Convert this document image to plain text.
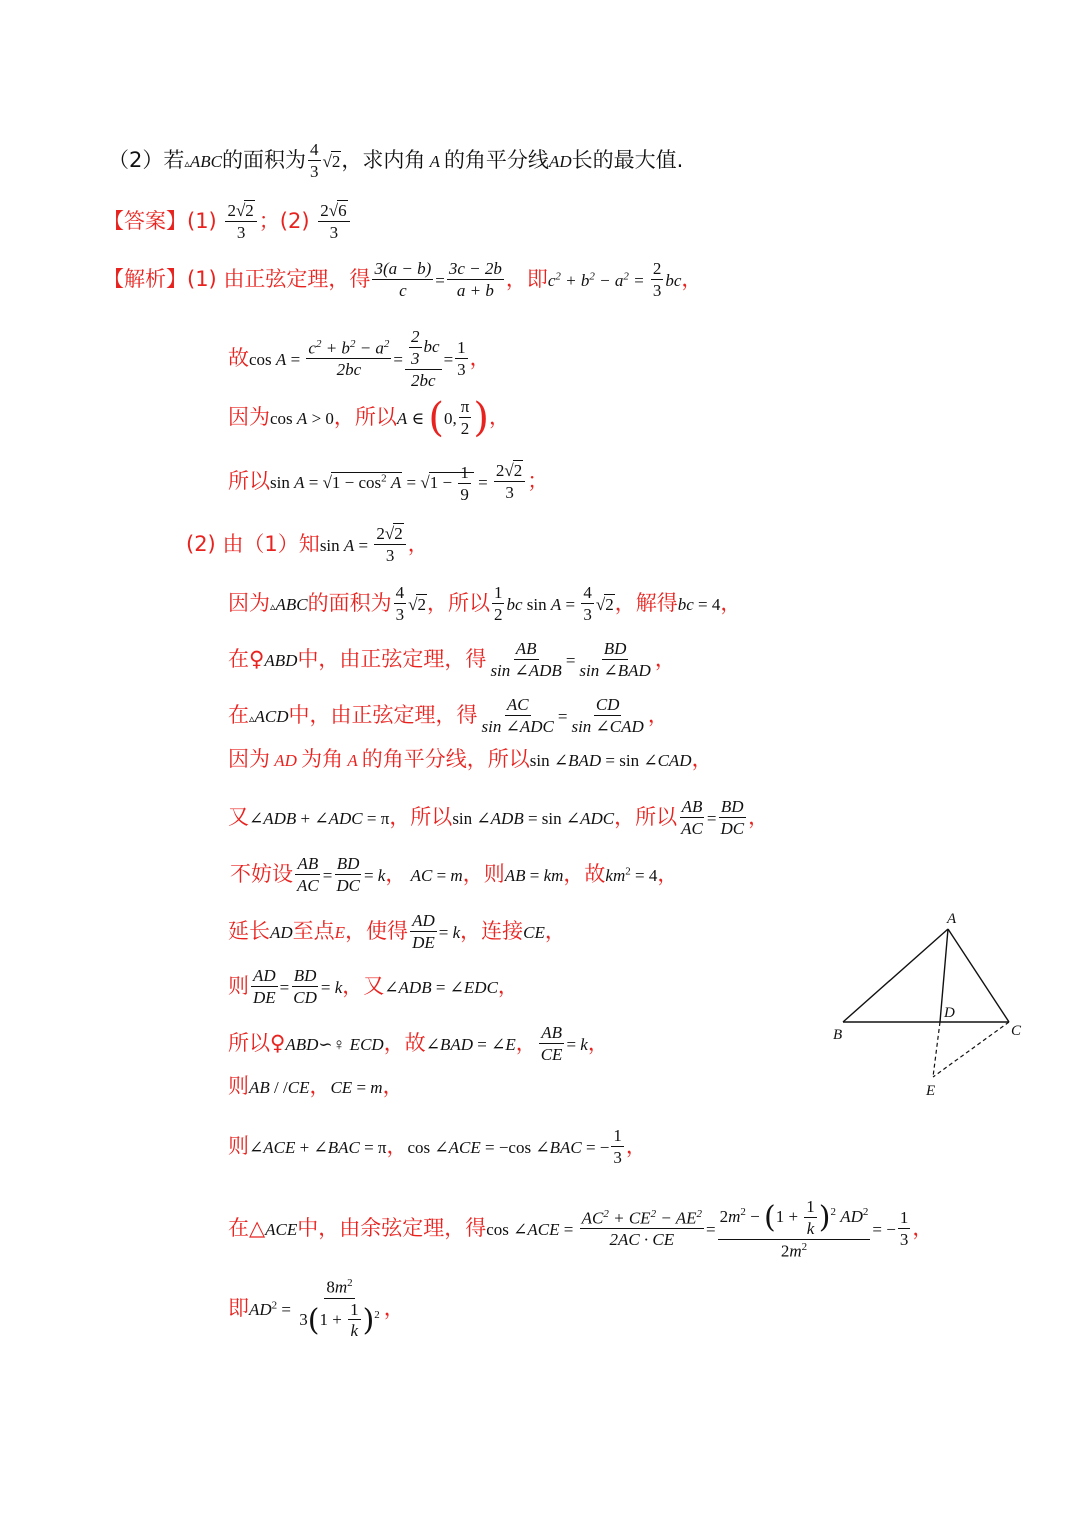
（2）若▵ABC的面积为 $\frac{4}{3} √2$，求内角 A 的角平分线AD长的最大值.
【答案】$(1) \frac{2√2}{3}$ ；$(2) \frac{2√6}{3}$
【解析】(1) 由正弦定理，得 $\frac{3(a - b)}{c} = \frac{3c - 2b}{a + b}$ ，即$c^2 + b^2 - a^2 = \frac{2}{3}$ bc，
故$\cos A = \frac{c^2 + b^2 - a^2}{2bc} = \frac{\frac{2}{3} bc}{2bc} = \frac{1}{3}$ ，
因为cos A > 0，所以A ∈ (0, $\frac{\pi}{2}$ )，
所以$\sin A = √1 - \cos^2 A = √1 - \frac{1}{9} = \frac{2√2}{3}$ ；
(2) 由（1）知$\sin A = \frac{2√2}{3}$ ，
因为▵ABC的面积为 $\frac{4}{3} √2$，所以 $\frac{1}{2}$ bc $\sin A = \frac{4}{3} √2$，解得bc = 4，
在♀ABD中，由正弦定理，得 $\frac{AB}{\text{sin ∠ADB}} = \frac{BD}{\text{sin ∠BAD}}$ ，
在▵ACD中，由正弦定理，得 $\frac{AC}{\text{sin ∠ADC}} = \frac{CD}{\text{sin ∠CAD}}$ ，
因为 AD 为角 A 的角平分线，所以sin ∠BAD = sin ∠CAD，
又∠ADB + ∠ADC = π，所以sin ∠ADB = sin ∠ADC，所以 $\frac{AB}{AC} = \frac{BD}{DC}$ ，
不妨设 $\frac{AB}{AC} = \frac{BD}{DC} = k$， AC = m，则AB = km，故$km^2 = 4$，
延长AD至点E，使得 $\frac{AD}{DE} = k$，连接CE，
则 $\frac{AD}{DE} = \frac{BD}{CD} = k$，又∠ADB = ∠EDC，
所以♀ABD∽♀ ECD，故∠BAD = ∠E， $\frac{AB}{CE} = k$，
则AB / /CE，CE = m，
则∠ACE + ∠BAC = π，cos ∠ACE = −cos ∠BAC = − $\frac{1}{3}$ ，
在△ACE中，由余弦定理，得cos ∠ACE = $\frac{AC^2 + CE^2 - AE^2}{2AC \cdot CE} = \frac{2m^2 - (1 + \frac{1}{k} )^2 AD^2}{2m^2}$ = − $\frac{1}{3}$ ，
即$AD^2 = \frac{8m^2}{3(1 + \frac{1}{k} )^2}$ ，
A
B	C
D
E
